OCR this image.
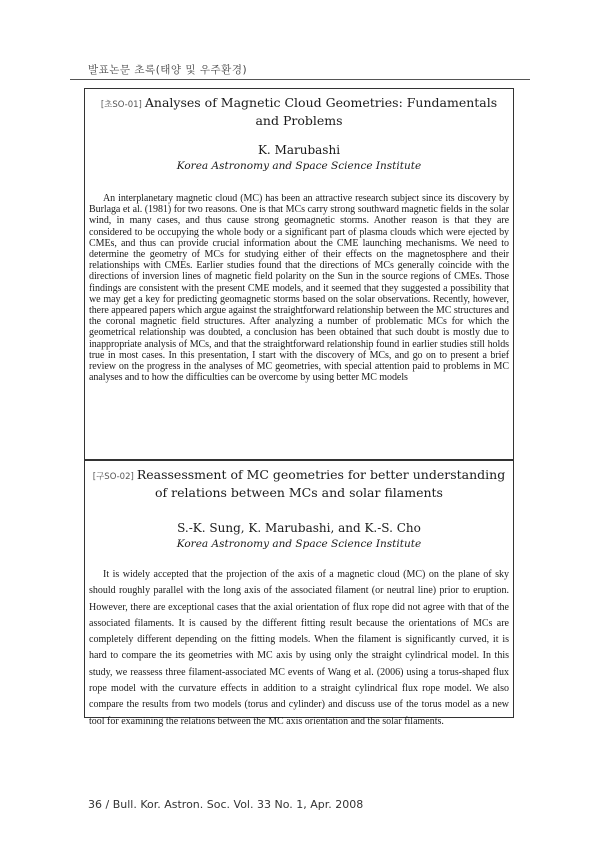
발표논문 초록(태양 및 우주환경)
[초SO-01] Analyses of Magnetic Cloud Geometries: Fundamentals and Problems
K. Marubashi
Korea Astronomy and Space Science Institute

An interplanetary magnetic cloud (MC) has been an attractive research subject since its discovery by Burlaga et al. (1981) for two reasons. One is that MCs carry strong southward magnetic fields in the solar wind, in many cases, and thus cause strong geomagnetic storms. Another reason is that they are considered to be occupying the whole body or a significant part of plasma clouds which were ejected by CMEs, and thus can provide crucial information about the CME launching mechanisms. We need to determine the geometry of MCs for studying either of their effects on the magnetosphere and their relationships with CMEs. Earlier studies found that the directions of MCs generally coincide with the directions of inversion lines of magnetic field polarity on the Sun in the source regions of CMEs. Those findings are consistent with the present CME models, and it seemed that they suggested a possibility that we may get a key for predicting geomagnetic storms based on the solar observations. Recently, however, there appeared papers which argue against the straightforward relationship between the MC structures and the coronal magnetic field structures. After analyzing a number of problematic MCs for which the geometrical relationship was doubted, a conclusion has been obtained that such doubt is mostly due to inappropriate analysis of MCs, and that the straightforward relationship found in earlier studies still holds true in most cases. In this presentation, I start with the discovery of MCs, and go on to present a brief review on the progress in the analyses of MC geometries, with special attention paid to problems in MC analyses and to how the difficulties can be overcome by using better MC models

[구SO-02] Reassessment of MC geometries for better understanding of relations between MCs and solar filaments
S.-K. Sung, K. Marubashi, and K.-S. Cho
Korea Astronomy and Space Science Institute

It is widely accepted that the projection of the axis of a magnetic cloud (MC) on the plane of sky should roughly parallel with the long axis of the associated filament (or neutral line) prior to eruption. However, there are exceptional cases that the axial orientation of flux rope did not agree with that of the associated filaments. It is caused by the different fitting result because the orientations of MCs are completely different depending on the fitting models. When the filament is significantly curved, it is hard to compare the its geometries with MC axis by using only the straight cylindrical model. In this study, we reassess three filament-associated MC events of Wang et al. (2006) using a torus-shaped flux rope model with the curvature effects in addition to a straight cylindrical flux rope model. We also compare the results from two models (torus and cylinder) and discuss use of the torus model as a new tool for examining the relations between the MC axis orientation and the solar filaments.

36 / Bull. Kor. Astron. Soc. Vol. 33 No. 1, Apr. 2008
